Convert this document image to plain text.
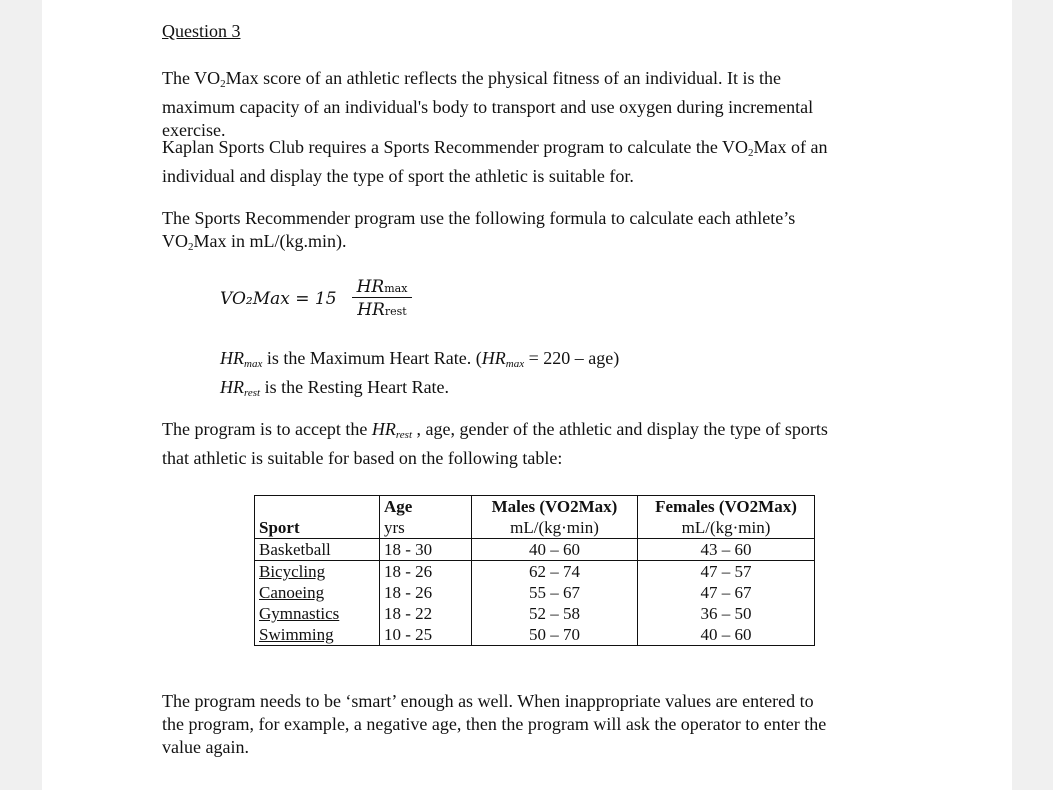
Question 3

The $VO_2Max$ score of an athletic reflects the physical fitness of an individual. It is the
maximum capacity of an individual's body to transport and use oxygen during incremental
exercise.

Kaplan Sports Club requires a Sports Recommender program to calculate the $VO_2Max$ of an
individual and display the type of sport the athletic is suitable for.

The Sports Recommender program use the following formula to calculate each athlete’s
$VO_2Max$ in mL/(kg.min).

VO₂Max = 15
HRmax
HRrest

$HR_{max}$ is the Maximum Heart Rate. $(HR_{max} = 220 - age)$
$HR_{rest}$ is the Resting Heart Rate.

The program is to accept the $HR_{rest}$ , age, gender of the athletic and display the type of sports
that athletic is suitable for based on the following table:

	Age	Males (VO2Max)	Females (VO2Max)
Sport	yrs	mL/(kg·min)	mL/(kg·min)
Basketball	18 - 30	40 – 60	43 – 60
Bicycling	18 - 26	62 – 74	47 – 57
Canoeing	18 - 26	55 – 67	47 – 67
Gymnastics	18 - 22	52 – 58	36 – 50
Swimming	10 - 25	50 – 70	40 – 60

The program needs to be ‘smart’ enough as well. When inappropriate values are entered to
the program, for example, a negative age, then the program will ask the operator to enter the
value again.
